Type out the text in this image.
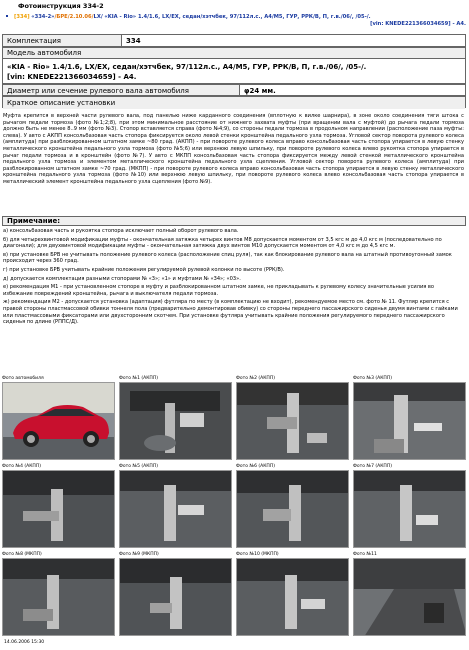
Фотоинструкция 334-2
[334] «334-2»/БРЕ/2.10.06/LX/ «KIA - Rio» 1.4/1.6, LX/EX, седан/хэтчбек, 97/112л.с., А4/М5, ГУР, РРК/В, П, г.в./06/, /05-/.
[vin: KNEDE221366034659] - А4.
Комплектация	334
Модель автомобиля
«KIA - Rio» 1.4/1.6, LX/EX, седан/хэтчбек, 97/112л.с., А4/М5, ГУР, РРК/В, П, г.в./06/, /05-/.
[vin: KNEDE221366034659] - А4.
Диаметр или сечение рулевого вала автомобиля	φ24 мм.
Краткое описание установки
Муфта крепится в верхней части рулевого вала, под панелью ниже карданного соединения (вплотную к вилке шарнира), в зоне около соединения тяги штока с рычагом педали тормоза (фото №1;2;8), при этом минимальное расстояние от нижнего захвата муфты (при вращении вала с муфтой) до рычага педали тормоза должно быть не менее 8..9 мм (фото №3). Стопор вставляется справа (фото №4;9), со стороны педали тормоза в продольном направлении (расположение паза муфты: слева). У авто с АКПП консольбазовая часть стопора фиксируется около левой стенки кронштейна педального узла тормоза. Угловой сектор поворота рулевого колеса (амплитуда) при разблокированном штатном замке ~80 град. (АКПП) - при повороте рулевого колеса вправо консольбазовая часть стопора упирается в левую стенку металлического кронштейна педального узла тормоза (фото №5;6) или верхнюю левую шпильку, при повороте рулевого колеса влево рукоятка стопора упирается в рычаг педали тормоза и в кронштейн (фото №7). У авто с МКПП консольбазовая часть стопора фиксируется между левой стенкой металлического кронштейна педального узла тормоза и элементом металлического кронштейна педального узла сцепления. Угловой сектор поворота рулевого колеса (амплитуда) при разблокированном штатном замке ~70 град. (МКПП) - при повороте рулевого колеса вправо консольбазовая часть стопора упирается в левую стенку металлического кронштейна педального узла тормоза (фото №10) или верхнюю левую шпильку, при повороте рулевого колеса влево консольбазовая часть стопора упирается в металлический элемент кронштейна педального узла сцепления (фото №9).
Примечание:

а) консольбазовая часть и рукоятка стопора исключает полный оборот рулевого вала.

б) для четырехвинтовой модификации муфты - окончательная затяжка четырех винтов М8 допускается моментом от 3,5 кгс м до 4,0 кгс м (последовательно по диагонали); для двухвинтовой модификации муфты - окончательная затяжка двух винтов М10 допускается моментом от 4,0 кгс м до 4,5 кгс м.

в) при установке БРВ не учитывать положение рулевого колеса (расположение спиц руля), так как блокирование рулевого вала на штатный противоугонный замок происходит через 360 град.

г) при установке БРВ учитывать крайние положения регулируемой рулевой колонки по высоте (РРК/В).

д) допускается комплектация разными стопорами № «3»; «1» и муфтами № «34»; «03».

е) рекомендация М1 - при установленном стопоре в муфту и разблокированном штатном замке, не прикладывать к рулевому колесу значительные усилия во избежание повреждений кронштейна, рычага и выключателя педали тормоза.

ж) рекомендация М2 - допускается установка (адаптация) футляра по месту (в комплектацию не входит), рекомендуемое место см. фото № 11. Футляр крепится с правой стороны пластмассовой обивки тоннеля пола (предварительно демонтировав обивку) со стороны переднего пассажирского сиденья двумя винтами с гайками или пластмассовыми фиксаторами или двухсторонним скотчем. При установке футляра учитывать крайние положения регулируемого переднего пассажирского сиденья по длине (РППС/Д).

Фото автомобиля	Фото №1 (АКПП)	Фото №2 (АКПП)	Фото №3 (АКПП)
Фото №4 (АКПП)	Фото №5 (АКПП)	Фото №6 (АКПП)	Фото №7 (АКПП)
Фото №8 (МКПП)	Фото №9 (МКПП)	Фото №10 (МКПП)	Фото №11
14.06.2006 15:30
